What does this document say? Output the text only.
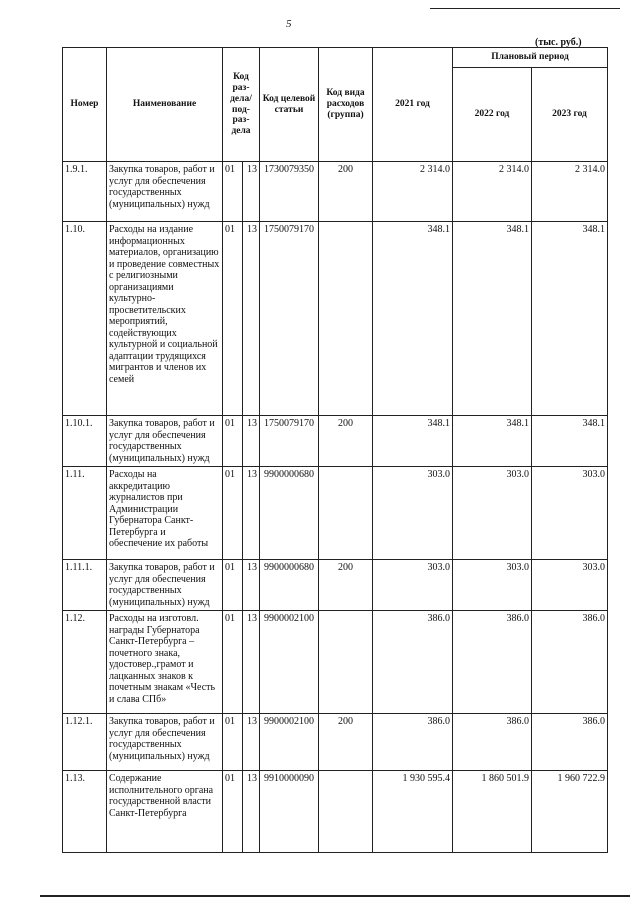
5
(тыс. руб.)
Номер	Наименование	Код раз-дела/ под-раз-дела		Код целевой статьи	Код вида расходов (группа)	2021 год	Плановый период	
							2022 год	2023 год
1.9.1.	Закупка товаров, работ и услуг для обеспечения государственных (муниципальных) нужд	01	13	1730079350	200	2 314.0	2 314.0	2 314.0
1.10.	Расходы на издание информационных материалов, организацию и проведение совместных с религиозными организациями культурно-просветительских мероприятий, содействующих культурной и социальной адаптации трудящихся мигрантов и членов их семей	01	13	1750079170		348.1	348.1	348.1
1.10.1.	Закупка товаров, работ и услуг для обеспечения государственных (муниципальных) нужд	01	13	1750079170	200	348.1	348.1	348.1
1.11.	Расходы на аккредитацию журналистов при Администрации Губернатора Санкт-Петербурга и обеспечение их работы	01	13	9900000680		303.0	303.0	303.0
1.11.1.	Закупка товаров, работ и услуг для обеспечения государственных (муниципальных) нужд	01	13	9900000680	200	303.0	303.0	303.0
1.12.	Расходы на изготовл. награды Губернатора Санкт-Петербурга – почетного знака, удостовер.,грамот и лацканных знаков к почетным знакам «Честь и слава СПб»	01	13	9900002100		386.0	386.0	386.0
1.12.1.	Закупка товаров, работ и услуг для обеспечения государственных (муниципальных) нужд	01	13	9900002100	200	386.0	386.0	386.0
1.13.	Содержание исполнительного органа государственной власти Санкт-Петербурга	01	13	9910000090		1 930 595.4	1 860 501.9	1 960 722.9
